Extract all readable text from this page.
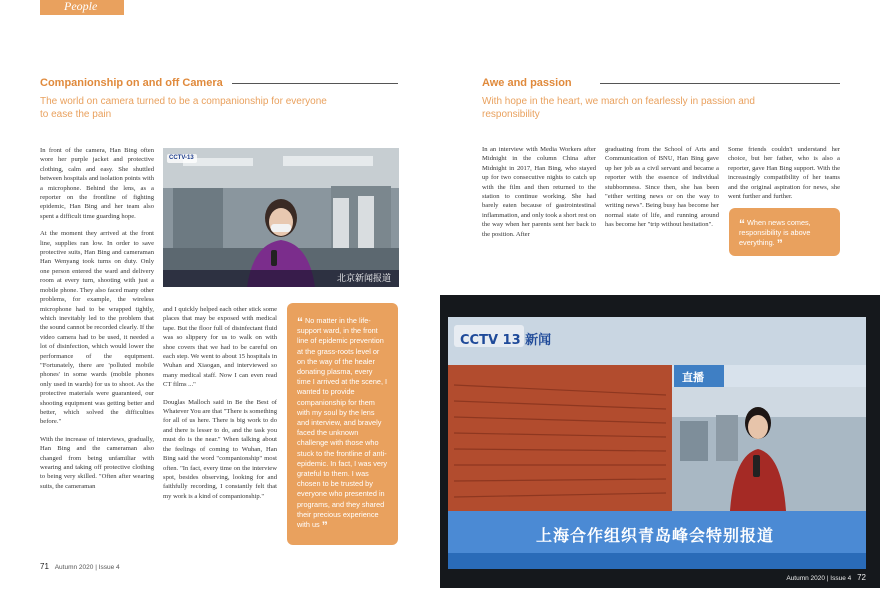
People
Companionship on and off Camera
The world on camera turned to be a companionship for everyone to ease the pain

In front of the camera, Han Bing often wore her purple jacket and protective clothing, calm and easy. She shuttled between hospitals and isolation points with a microphone. Behind the lens, as a reporter on the frontline of fighting epidemic, Han Bing and her team also spent a difficult time guarding hope.

At the moment they arrived at the front line, supplies ran low. In order to save protective suits, Han Bing and cameraman Han Wenyang took turns on duty. Only one person entered the ward and delivery room at every turn, shooting with just a mobile phone. They also faced many other problems, for example, the wireless microphone had to be wrapped tightly, which inevitably led to the problem that the sound cannot be recorded clearly. If the video camera had to be used, it needed a lot of disinfection, which would lower the performance of the equipment. "Fortunately, there are 'polluted mobile phones' in some wards (mobile phones only used in wards) for us to shoot. As the protective materials were guaranteed, our shooting equipment was getting better and better, which solved the difficulties before."

With the increase of interviews, gradually, Han Bing and the cameraman also changed from being unfamiliar with wearing and taking off protective clothing to being very skilled. "Often after wearing suits, the cameraman

CCTV-13
北京新闻报道

and I quickly helped each other stick some places that may be exposed with medical tape. But the floor full of disinfectant fluid was so slippery for us to walk on with shoe covers that we had to be careful on each step. We went to about 15 hospitals in Wuhan and Xiaogan, and interviewed so many medical staff. Now I can even read CT films ..."

Douglas Malloch said in Be the Best of Whatever You are that "There is something for all of us here. There is big work to do and there is lesser to do, and the task you must do is the near." When talking about the feelings of coming to Wuhan, Han Bing said the word "companionship" most often. "In fact, every time on the interview spot, besides observing, looking for and faithfully recording, I constantly felt that my work is a kind of companionship."

“ No matter in the life-support ward, in the front line of epidemic prevention at the grass-roots level or on the way of the healer donating plasma, every time I arrived at the scene, I wanted to provide companionship for them with my soul by the lens and interview, and bravely faced the unknown challenge with those who stuck to the frontline of anti-epidemic. In fact, I was very grateful to them. I was chosen to be trusted by everyone who presented in programs, and they shared their precious experience with us ”
71 Autumn 2020 | Issue 4
Awe and passion
With hope in the heart, we march on fearlessly in passion and responsibility

In an interview with Media Workers after Midnight in the column China after Midnight in 2017, Han Bing, who stayed up for two consecutive nights to catch up with the film and then returned to the station to continue working. She had barely eaten because of gastrointestinal inflammation, and only took a short rest on the way when her parents sent her back to the position. After

graduating from the School of Arts and Communication of BNU, Han Bing gave up her job as a civil servant and became a reporter with the essence of individual stubbornness. Since then, she has been "either writing news or on the way to writing news". Being busy has become her normal state of life, and running around has become her "trip without hesitation".

Some friends couldn't understand her choice, but her father, who is also a reporter, gave Han Bing support. With the increasingly compatibility of her teams and the original aspiration for news, she went further and further.

“ When news comes, responsibility is above everything. ”
CCTV 13 新闻
直播
上海合作组织青岛峰会特别报道
Autumn 2020 | Issue 4 72
